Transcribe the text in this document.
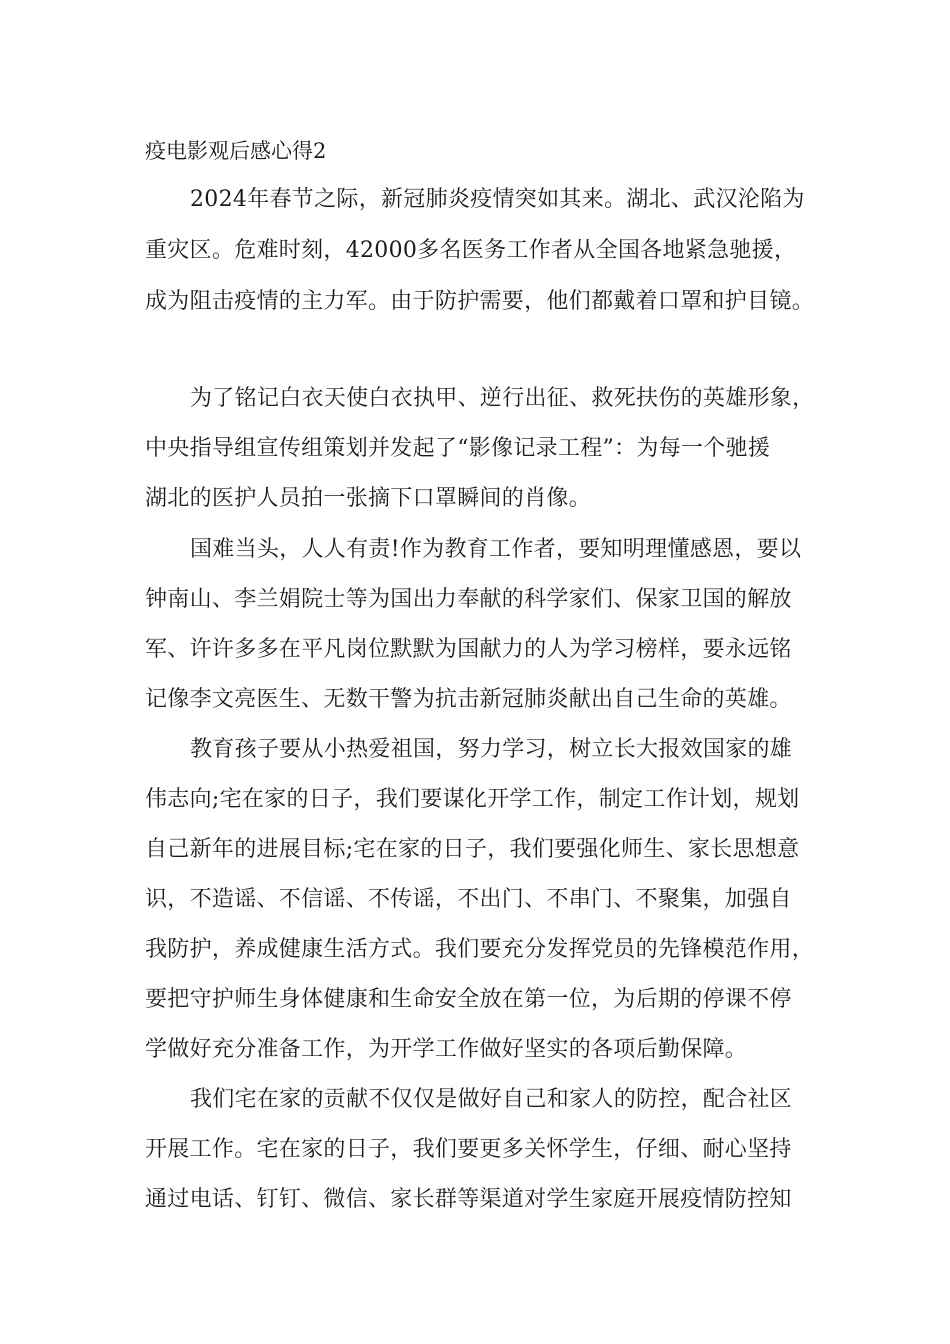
疫电影观后感心得2
2024年春节之际，新冠肺炎疫情突如其来。湖北、武汉沦陷为
重灾区。危难时刻，42000多名医务工作者从全国各地紧急驰援，
成为阻击疫情的主力军。由于防护需要，他们都戴着口罩和护目镜。
为了铭记白衣天使白衣执甲、逆行出征、救死扶伤的英雄形象，
中央指导组宣传组策划并发起了“影像记录工程”：为每一个驰援
湖北的医护人员拍一张摘下口罩瞬间的肖像。
国难当头，人人有责!作为教育工作者，要知明理懂感恩，要以
钟南山、李兰娟院士等为国出力奉献的科学家们、保家卫国的解放
军、许许多多在平凡岗位默默为国献力的人为学习榜样，要永远铭
记像李文亮医生、无数干警为抗击新冠肺炎献出自己生命的英雄。
教育孩子要从小热爱祖国，努力学习，树立长大报效国家的雄
伟志向;宅在家的日子，我们要谋化开学工作，制定工作计划，规划
自己新年的进展目标;宅在家的日子，我们要强化师生、家长思想意
识，不造谣、不信谣、不传谣，不出门、不串门、不聚集，加强自
我防护，养成健康生活方式。我们要充分发挥党员的先锋模范作用，
要把守护师生身体健康和生命安全放在第一位，为后期的停课不停
学做好充分准备工作，为开学工作做好坚实的各项后勤保障。
我们宅在家的贡献不仅仅是做好自己和家人的防控，配合社区
开展工作。宅在家的日子，我们要更多关怀学生，仔细、耐心坚持
通过电话、钉钉、微信、家长群等渠道对学生家庭开展疫情防控知
